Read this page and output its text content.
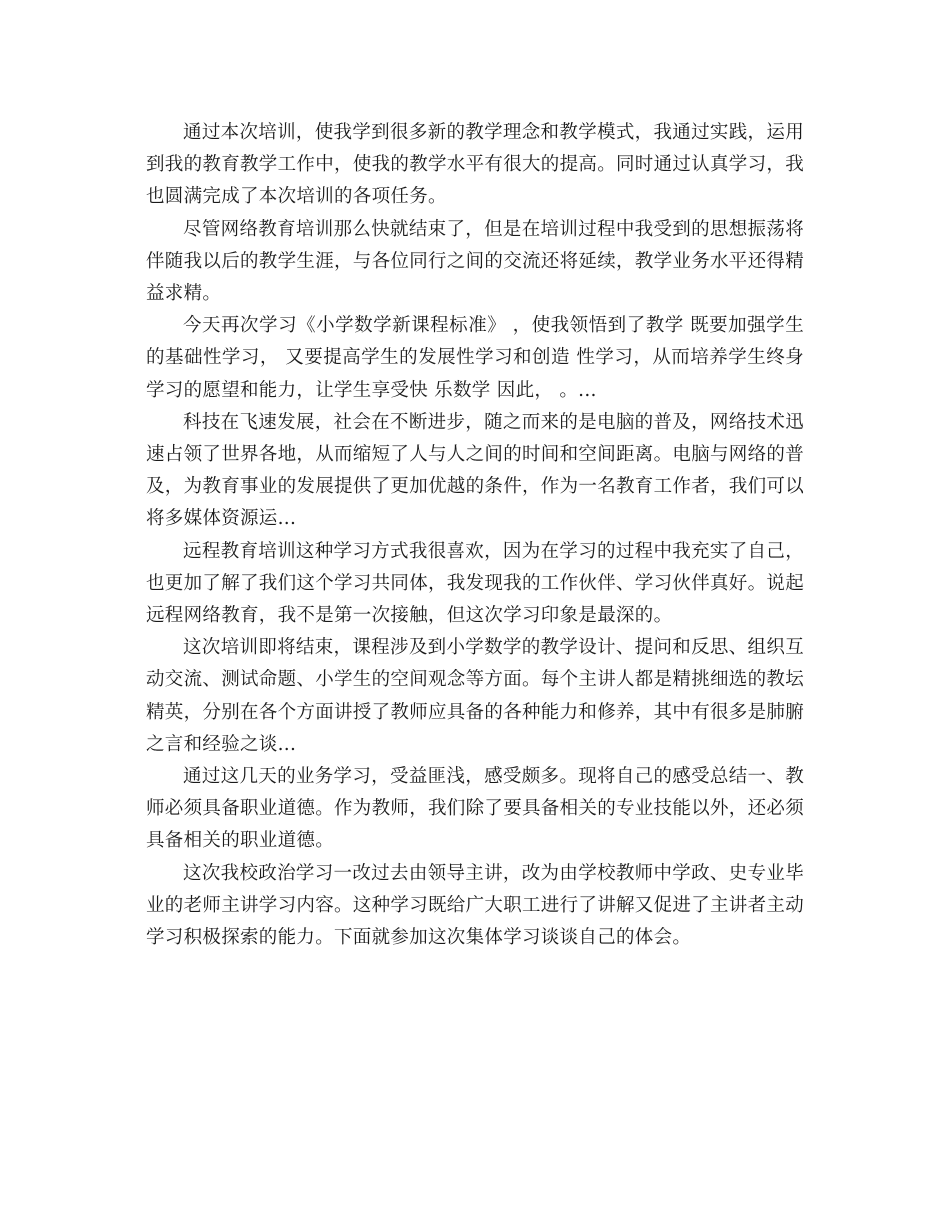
通过本次培训，使我学到很多新的教学理念和教学模式，我通过实践，运用到我的教育教学工作中，使我的教学水平有很大的提高。同时通过认真学习，我也圆满完成了本次培训的各项任务。

尽管网络教育培训那么快就结束了，但是在培训过程中我受到的思想振荡将伴随我以后的教学生涯，与各位同行之间的交流还将延续，教学业务水平还得精益求精。

今天再次学习《小学数学新课程标准》 ，使我领悟到了教学 既要加强学生的基础性学习， 又要提高学生的发展性学习和创造 性学习，从而培养学生终身学习的愿望和能力，让学生享受快 乐数学 因此， 。...

科技在飞速发展，社会在不断进步，随之而来的是电脑的普及，网络技术迅速占领了世界各地，从而缩短了人与人之间的时间和空间距离。电脑与网络的普及，为教育事业的发展提供了更加优越的条件，作为一名教育工作者，我们可以将多媒体资源运...

远程教育培训这种学习方式我很喜欢，因为在学习的过程中我充实了自己，也更加了解了我们这个学习共同体，我发现我的工作伙伴、学习伙伴真好。说起远程网络教育，我不是第一次接触，但这次学习印象是最深的。

这次培训即将结束，课程涉及到小学数学的教学设计、提问和反思、组织互动交流、测试命题、小学生的空间观念等方面。每个主讲人都是精挑细选的教坛精英，分别在各个方面讲授了教师应具备的各种能力和修养，其中有很多是肺腑之言和经验之谈...

通过这几天的业务学习，受益匪浅，感受颇多。现将自己的感受总结一、教师必须具备职业道德。作为教师，我们除了要具备相关的专业技能以外，还必须具备相关的职业道德。

这次我校政治学习一改过去由领导主讲，改为由学校教师中学政、史专业毕业的老师主讲学习内容。这种学习既给广大职工进行了讲解又促进了主讲者主动学习积极探索的能力。下面就参加这次集体学习谈谈自己的体会。
